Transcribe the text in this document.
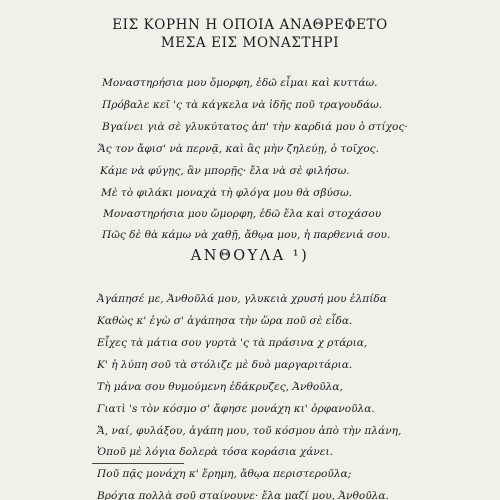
ΕΙΣ ΚΟΡΗΝ Η ΟΠΟΙΑ ΑΝΑΘΡΕΦΕΤΟ
ΜΕΣΑ ΕΙΣ ΜΟΝΑΣΤΗΡΙ
Μοναστηρήσια μου ὄμορφη, ἐδῶ εἶμαι καὶ κυττάω.
Πρόβαλε κεῖ 'ς τὰ κάγκελα νὰ ἰδῆς ποῦ τραγουδάω.
Βγαίνει γιὰ σὲ γλυκύτατος ἀπ' τὴν καρδιά μου ὁ στίχος·
Ἄς τον ἄφισ' νὰ περνᾷ, καὶ ἂς μὴν ζηλεύῃ, ὁ τοῖχος.
Κάμε νὰ φύγῃς, ἂν μπορῇς· ἔλα νὰ σὲ φιλήσω.
Μὲ τὸ φιλάκι μοναχὰ τὴ φλόγα μου θὰ σβύσω.
Μοναστηρήσια μου ὤμορφη, ἐδῶ ἔλα καὶ στοχάσου
Πῶς δὲ θὰ κάμω νὰ χαθῇ, ἄθῳα μου, ἡ παρθενιά σου.
ΑΝΘΟΥΛΑ ¹)
Ἀγάπησέ με, Ἀνθοῦλά μου, γλυκειὰ χρυσή μου ἐλπίδα
Καθὼς κ' ἐγὼ σ' ἀγάπησα τὴν ὥρα ποῦ σὲ εἶδα.
Εἶχες τὰ μάτια σου γυρτὰ 'ς τὰ πράσινα χ ρτάρια,
Κ' ἡ λύπη σοῦ τὰ στόλιζε μὲ δυὸ μαργαριτάρια.
Τὴ μάνα σου θυμούμενη ἐδάκρυζες, Ἀνθοῦλα,
Γιατὶ 's τὸν κόσμο σ' ἄφησε μονάχη κι' ὀρφανοῦλα.
Ἄ, ναί, φυλάξου, ἀγάπη μου, τοῦ κόσμου ἀπὸ τὴν πλάνη,
Ὁποῦ μὲ λόγια δολερὰ τόσα κοράσια χάνει.
Ποῦ πᾷς μονάχη κ' ἔρημη, ἄθῳα περιστεροῦλα;
Βρόχια πολλὰ σοῦ σταίνουνε· ἔλα μαζί μου, Ἀνθοῦλα.
